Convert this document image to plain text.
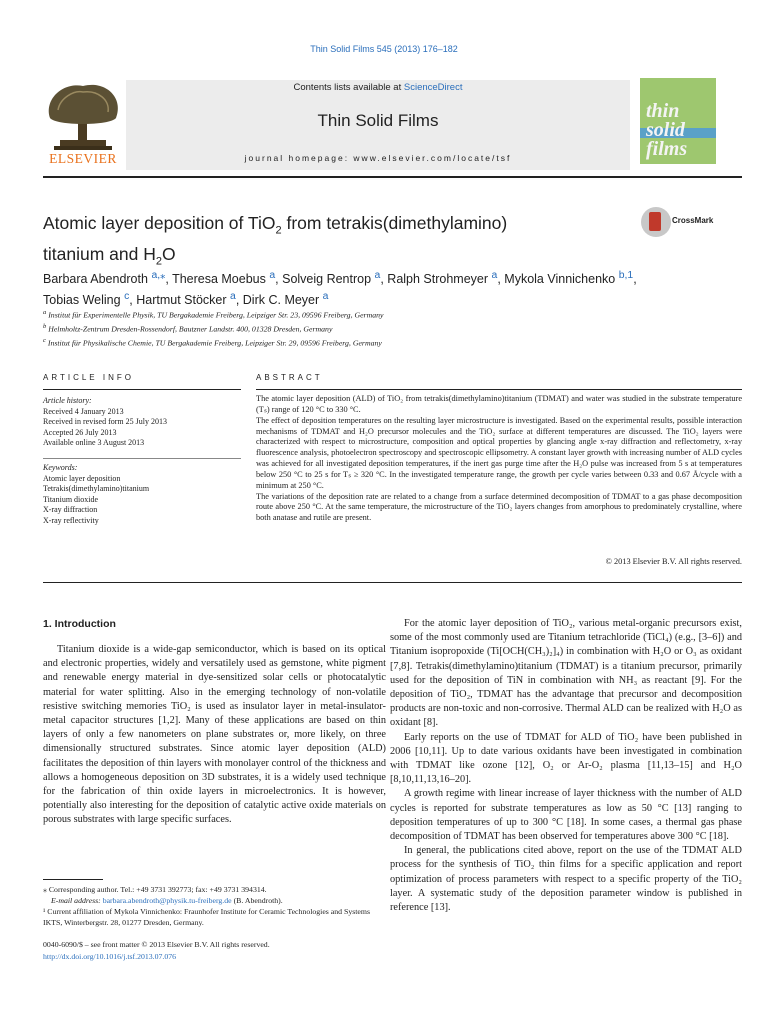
Thin Solid Films 545 (2013) 176–182
ELSEVIER
Contents lists available at ScienceDirect
Thin Solid Films
journal homepage: www.elsevier.com/locate/tsf
thin solid films
Atomic layer deposition of TiO$_2$ from tetrakis(dimethylamino)
titanium and $H_2O$
CrossMark
Barbara Abendroth $^{a,⁎}$, Theresa Moebus $^a$, Solveig Rentrop $^a$, Ralph Strohmeyer $^a$, Mykola Vinnichenko $^{b,1}$,
Tobias Weling $^c$, Hartmut Stöcker $^a$, Dirk C. Meyer $^a$
$^a$ Institut für Experimentelle Physik, TU Bergakademie Freiberg, Leipziger Str. 23, 09596 Freiberg, Germany
$^b$ Helmholtz-Zentrum Dresden-Rossendorf, Bautzner Landstr. 400, 01328 Dresden, Germany
$^c$ Institut für Physikalische Chemie, TU Bergakademie Freiberg, Leipziger Str. 29, 09596 Freiberg, Germany
ARTICLE INFO	ABSTRACT
Article history:
Received 4 January 2013
Received in revised form 25 July 2013
Accepted 26 July 2013
Available online 3 August 2013
Keywords:
Atomic layer deposition
Tetrakis(dimethylamino)titanium
Titanium dioxide
X-ray diffraction
X-ray reflectivity

The atomic layer deposition (ALD) of TiO₂ from tetrakis(dimethylamino)titanium (TDMAT) and water was studied in the substrate temperature (Tₛ) range of 120 °C to 330 °C.

The effect of deposition temperatures on the resulting layer microstructure is investigated. Based on the experimental results, possible interaction mechanisms of TDMAT and H₂O precursor molecules and the TiO₂ surface at different temperatures are discussed. The TiO₂ layers were characterized with respect to microstructure, composition and optical properties by glancing angle x-ray diffraction and reflectometry, x-ray fluorescence analysis, photoelectron spectroscopy and spectroscopic ellipsometry. A constant layer growth with increasing number of ALD cycles was achieved for all investigated deposition temperatures, if the inert gas purge time after the H₂O pulse was increased from 5 s at temperatures below 250 °C to 25 s for Tₛ ≥ 320 °C. In the investigated temperature range, the growth per cycle varies between 0.33 and 0.67 Å/cycle with a minimum at 250 °C.

The variations of the deposition rate are related to a change from a surface determined decomposition of TDMAT to a gas phase decomposition route above 250 °C. At the same temperature, the microstructure of the TiO₂ layers changes from amorphous to predominately crystalline, where both anatase and rutile are present.

© 2013 Elsevier B.V. All rights reserved.
1. Introduction

Titanium dioxide is a wide-gap semiconductor, which is based on its optical and electronic properties, widely and versatilely used as gemstone, white pigment and renewable energy material in dye-sensitized solar cells or photocatalytic material for water splitting. Also in the emerging technology of non-volatile resistive switching memories TiO₂ is used as insulator layer in metal-insulator-metal capacitor structures [1,2]. Many of these applications are based on thin layers of only a few nanometers on plane substrates or, more likely, on three dimensionally structured substrates. Since atomic layer deposition (ALD) facilitates the deposition of thin layers with monolayer control of the thickness and allows a homogeneous deposition on 3D substrates, it is a widely used technique for the fabrication of thin oxide layers in microelectronics. It is however, potentially also interesting for the deposition of catalytic active oxide materials on porous substrates with large specific surfaces.

For the atomic layer deposition of TiO₂, various metal-organic precursors exist, some of the most commonly used are Titanium tetrachloride (TiCl₄) (e.g., [3–6]) and Titanium isopropoxide (Ti[OCH(CH₃)₂]₄) in combination with H₂O or O₃ as oxidant [7,8]. Tetrakis(dimethylamino)titanium (TDMAT) is a titanium precursor, primarily used for the deposition of TiN in combination with NH₃ as reactant [9]. For the deposition of TiO₂, TDMAT has the advantage that precursor and decomposition products are non-toxic and non-corrosive. Thermal ALD can be realized with H₂O as oxidant [8].

Early reports on the use of TDMAT for ALD of TiO₂ have been published in 2006 [10,11]. Up to date various oxidants have been investigated in combination with TDMAT like ozone [12], O₂ or Ar-O₂ plasma [11,13–15] and H₂O [8,10,11,13,16–20].

A growth regime with linear increase of layer thickness with the number of ALD cycles is reported for substrate temperatures as low as 50 °C [13] ranging to deposition temperatures of up to 300 °C [18]. In some cases, a thermal gas phase decomposition of TDMAT has been observed for temperatures above 300 °C [18].

In general, the publications cited above, report on the use of the TDMAT ALD process for the synthesis of TiO₂ thin films for a specific application and report optimization of process parameters with respect to a specific property of the TiO₂ layer. A systematic study of the deposition parameter window is published in reference [13].

⁎ Corresponding author. Tel.: +49 3731 392773; fax: +49 3731 394314.
E-mail address: barbara.abendroth@physik.tu-freiberg.de (B. Abendroth).
¹ Current affiliation of Mykola Vinnichenko: Fraunhofer Institute for Ceramic Technologies and Systems IKTS, Winterbergstr. 28, 01277 Dresden, Germany.
0040-6090/$ – see front matter © 2013 Elsevier B.V. All rights reserved.
http://dx.doi.org/10.1016/j.tsf.2013.07.076
